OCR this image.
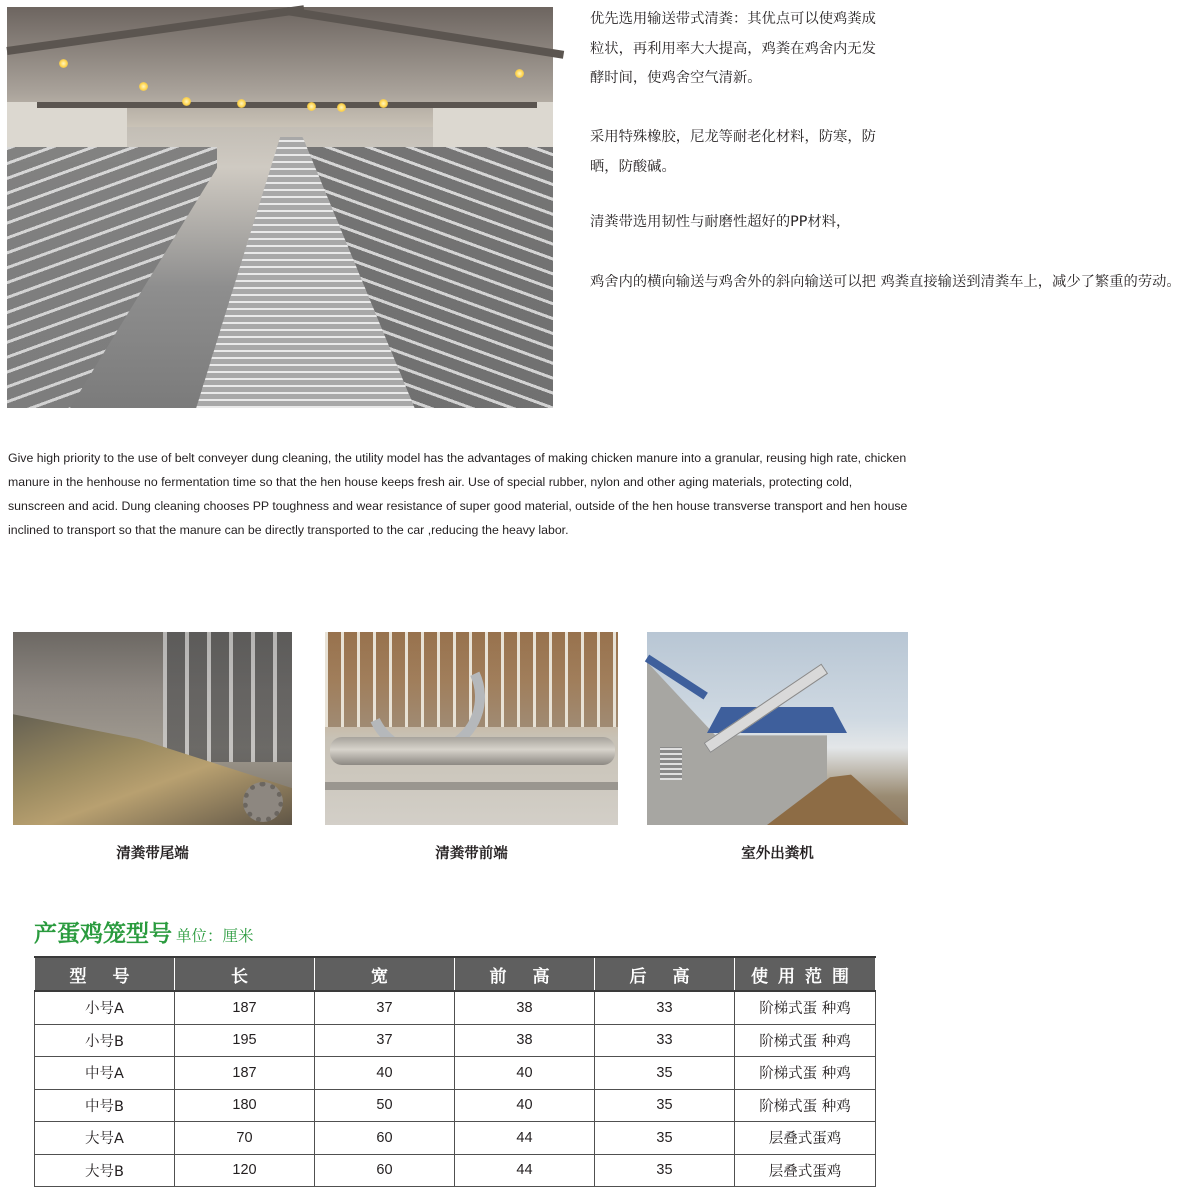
优先选用输送带式清粪：其优点可以使鸡粪成
粒状，再利用率大大提高，鸡粪在鸡舍内无发
酵时间，使鸡舍空气清新。

采用特殊橡胶，尼龙等耐老化材料，防寒，防
晒，防酸碱。

清粪带选用韧性与耐磨性超好的PP材料，

鸡舍内的横向输送与鸡舍外的斜向输送可以把 鸡粪直接输送到清粪车上，减少了繁重的劳动。

Give high priority to the use of belt conveyer dung cleaning, the utility model has the advantages of making chicken manure into a granular, reusing high rate, chicken manure in the henhouse no fermentation time so that the hen house keeps fresh air. Use of special rubber, nylon and other aging materials, protecting cold, sunscreen and acid. Dung cleaning chooses PP toughness and wear resistance of super good material, outside of the hen house transverse transport and hen house inclined to transport so that the manure can be directly transported to the car ,reducing the heavy labor.

清粪带尾端	清粪带前端	室外出粪机
产蛋鸡笼型号 单位：厘米
型 号	长	宽	前 高	后 高	使用范围
小号A	187	37	38	33	阶梯式蛋 种鸡
小号B	195	37	38	33	阶梯式蛋 种鸡
中号A	187	40	40	35	阶梯式蛋 种鸡
中号B	180	50	40	35	阶梯式蛋 种鸡
大号A	70	60	44	35	层叠式蛋鸡
大号B	120	60	44	35	层叠式蛋鸡
